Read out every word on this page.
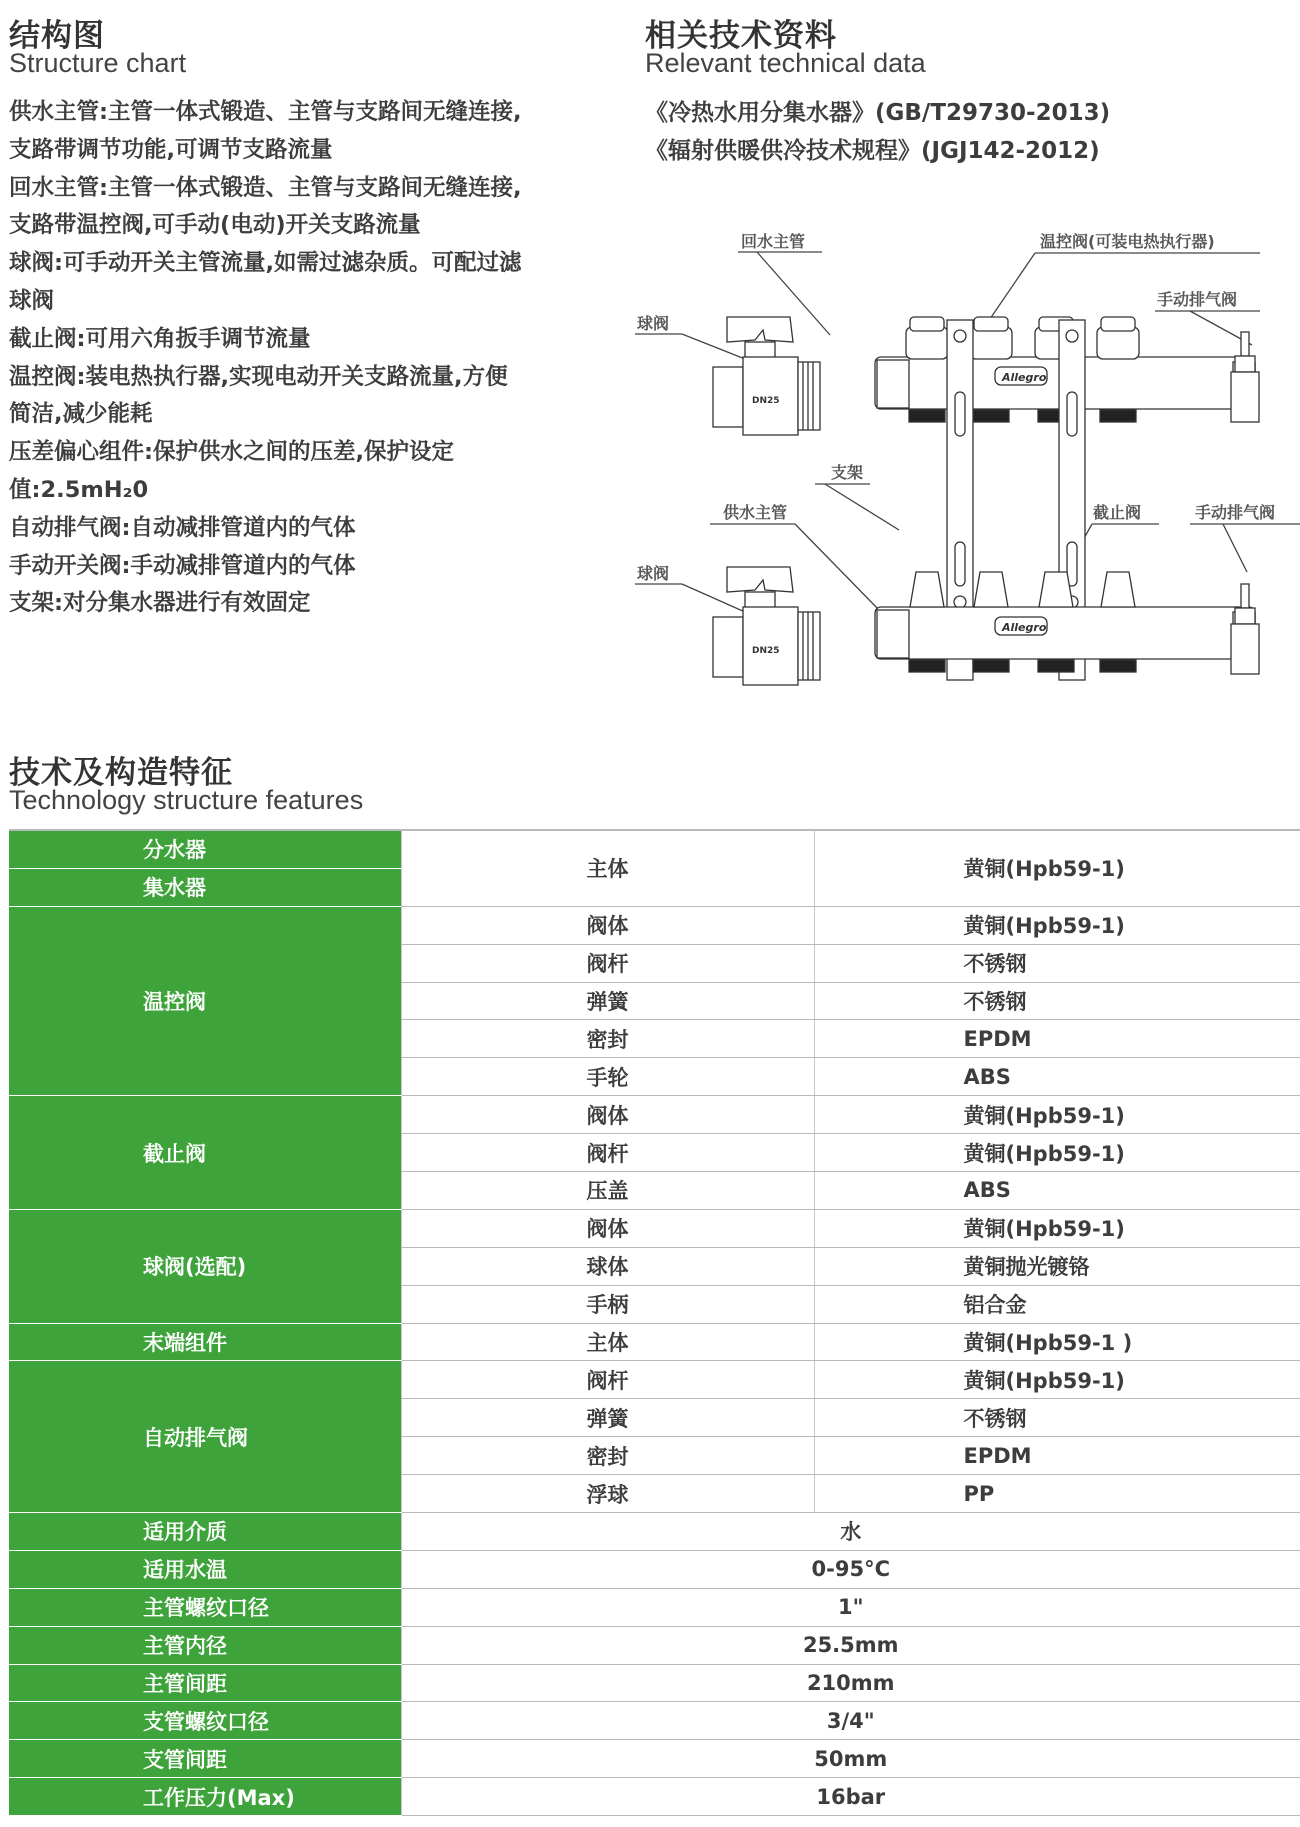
结构图
Structure chart

供水主管:主管一体式锻造、主管与支路间无缝连接,支路带调节功能,可调节支路流量

回水主管:主管一体式锻造、主管与支路间无缝连接,支路带温控阀,可手动(电动)开关支路流量

球阀:可手动开关主管流量,如需过滤杂质。可配过滤球阀

截止阀:可用六角扳手调节流量

温控阀:装电热执行器,实现电动开关支路流量,方便简洁,减少能耗

压差偏心组件:保护供水之间的压差,保护设定值:2.5mH₂0

自动排气阀:自动减排管道内的气体

手动开关阀:手动减排管道内的气体

支架:对分集水器进行有效固定

相关技术资料
Relevant technical data

《冷热水用分集水器》(GB/T29730-2013)

《辐射供暖供冷技术规程》(JGJ142-2012)

DN25
DN25
Allegro
Allegro
回水主管	温控阀(可装电热执行器)
球阀
手动排气阀
支架
供水主管	截止阀	手动排气阀
球阀
技术及构造特征
Technology structure features
分水器	主体	黄铜(Hpb59-1)
集水器		
温控阀	阀体	黄铜(Hpb59-1)
	阀杆	不锈钢
	弹簧	不锈钢
	密封	EPDM
	手轮	ABS
截止阀	阀体	黄铜(Hpb59-1)
	阀杆	黄铜(Hpb59-1)
	压盖	ABS
球阀(选配)	阀体	黄铜(Hpb59-1)
	球体	黄铜抛光镀铬
	手柄	铝合金
末端组件	主体	黄铜(Hpb59-1 )
自动排气阀	阀杆	黄铜(Hpb59-1)
	弹簧	不锈钢
	密封	EPDM
	浮球	PP
适用介质	水	
适用水温	0-95°C	
主管螺纹口径	1"	
主管内径	25.5mm	
主管间距	210mm	
支管螺纹口径	3/4"	
支管间距	50mm	
工作压力(Max)	16bar	
